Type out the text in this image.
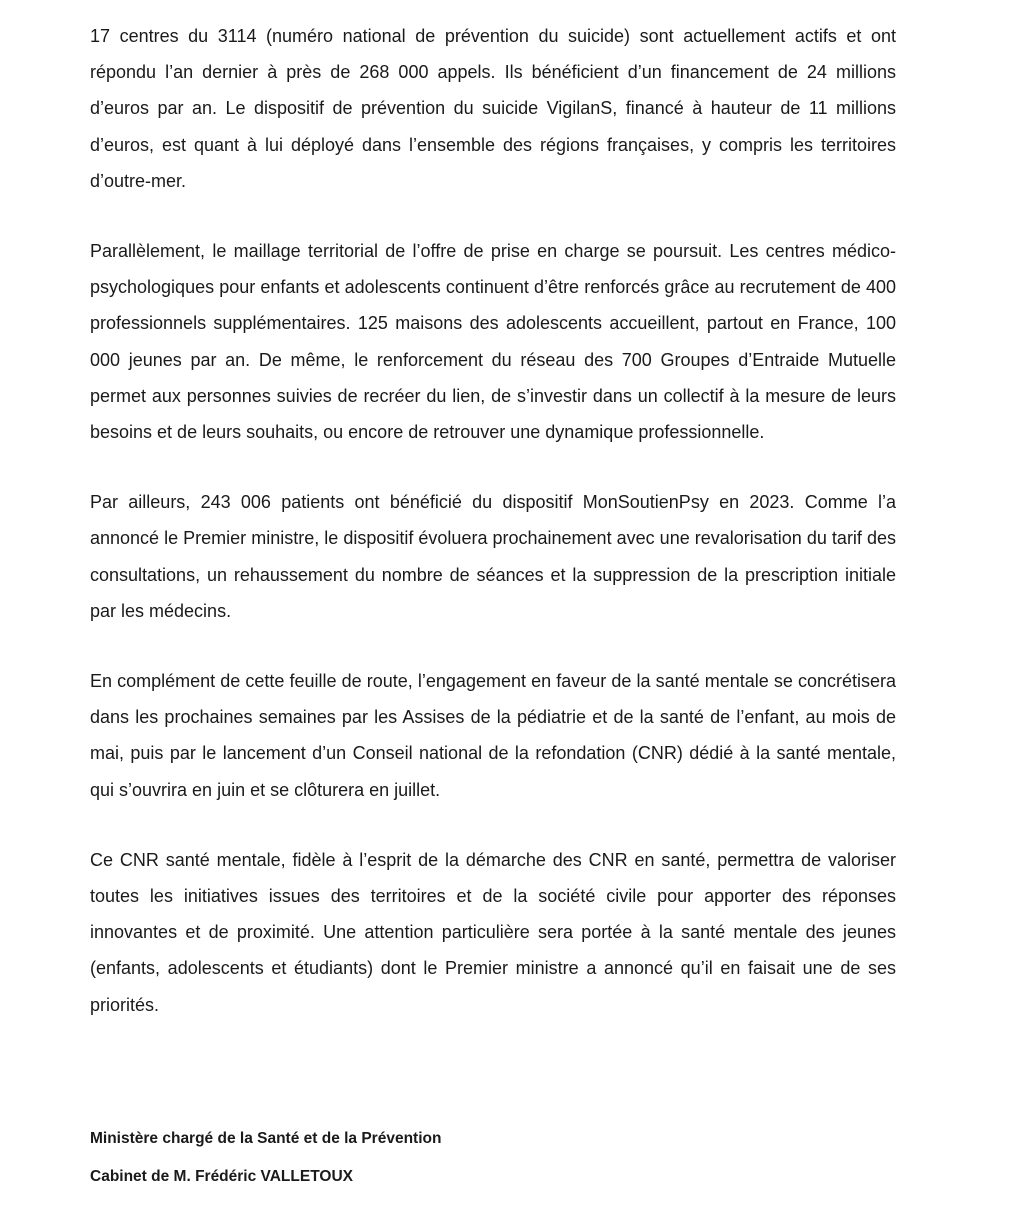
17 centres du 3114 (numéro national de prévention du suicide) sont actuellement actifs et ont répondu l’an dernier à près de 268 000 appels. Ils bénéficient d’un financement de 24 millions d’euros par an. Le dispositif de prévention du suicide VigilanS, financé à hauteur de 11 millions d’euros, est quant à lui déployé dans l’ensemble des régions françaises, y compris les territoires d’outre-mer.

Parallèlement, le maillage territorial de l’offre de prise en charge se poursuit. Les centres médico-psychologiques pour enfants et adolescents continuent d’être renforcés grâce au recrutement de 400 professionnels supplémentaires. 125 maisons des adolescents accueillent, partout en France, 100 000 jeunes par an. De même, le renforcement du réseau des 700 Groupes d’Entraide Mutuelle permet aux personnes suivies de recréer du lien, de s’investir dans un collectif à la mesure de leurs besoins et de leurs souhaits, ou encore de retrouver une dynamique professionnelle.

Par ailleurs, 243 006 patients ont bénéficié du dispositif MonSoutienPsy en 2023. Comme l’a annoncé le Premier ministre, le dispositif évoluera prochainement avec une revalorisation du tarif des consultations, un rehaussement du nombre de séances et la suppression de la prescription initiale par les médecins.

En complément de cette feuille de route, l’engagement en faveur de la santé mentale se concrétisera dans les prochaines semaines par les Assises de la pédiatrie et de la santé de l’enfant, au mois de mai, puis par le lancement d’un Conseil national de la refondation (CNR) dédié à la santé mentale, qui s’ouvrira en juin et se clôturera en juillet.

Ce CNR santé mentale, fidèle à l’esprit de la démarche des CNR en santé, permettra de valoriser toutes les initiatives issues des territoires et de la société civile pour apporter des réponses innovantes et de proximité. Une attention particulière sera portée à la santé mentale des jeunes (enfants, adolescents et étudiants) dont le Premier ministre a annoncé qu’il en faisait une de ses priorités.

Ministère chargé de la Santé et de la Prévention

Cabinet de M. Frédéric VALLETOUX
